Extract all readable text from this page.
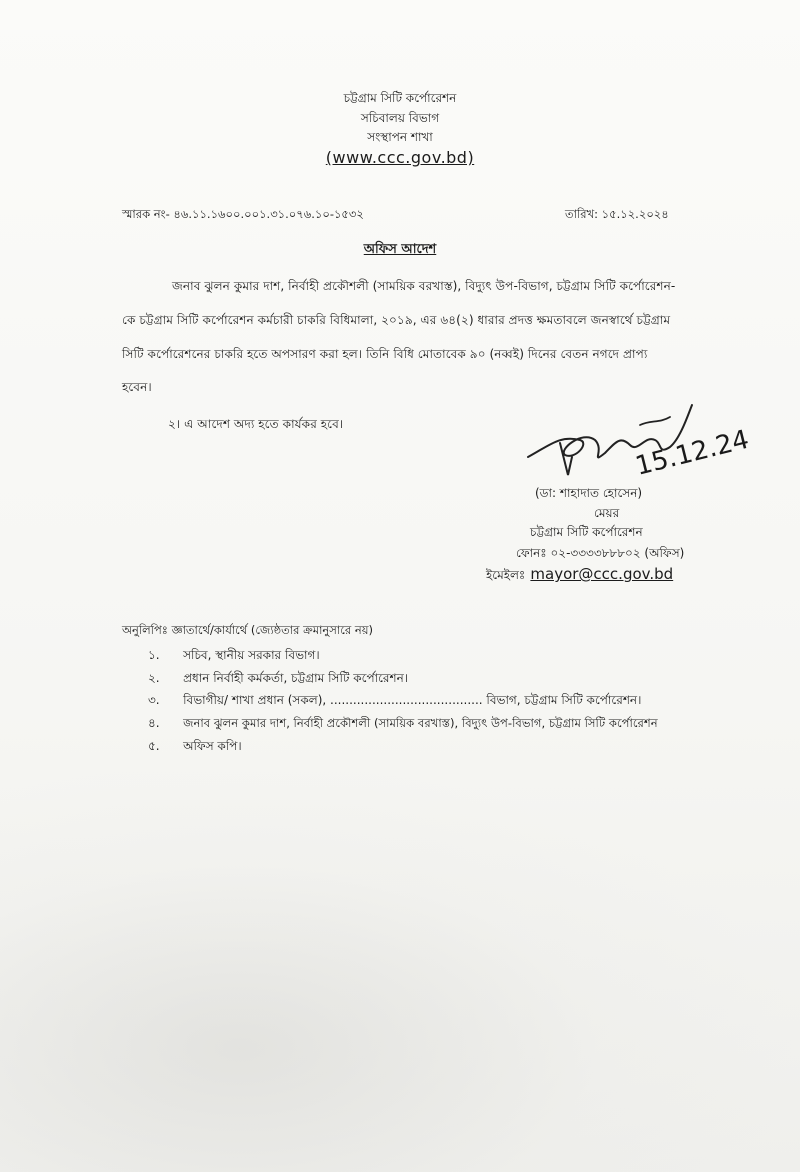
চট্টগ্রাম সিটি কর্পোরেশন
সচিবালয় বিভাগ
সংস্থাপন শাখা
(www.ccc.gov.bd)
স্মারক নং- ৪৬.১১.১৬০০.০০১.৩১.০৭৬.১০-১৫৩২	তারিখ: ১৫.১২.২০২৪
অফিস আদেশ
জনাব ঝুলন কুমার দাশ, নির্বাহী প্রকৌশলী (সাময়িক বরখাস্ত), বিদ্যুৎ উপ-বিভাগ, চট্টগ্রাম সিটি কর্পোরেশন-
কে চট্টগ্রাম সিটি কর্পোরেশন কর্মচারী চাকরি বিধিমালা, ২০১৯, এর ৬৪(২) ধারার প্রদত্ত ক্ষমতাবলে জনস্বার্থে চট্টগ্রাম
সিটি কর্পোরেশনের চাকরি হতে অপসারণ করা হল। তিনি বিধি মোতাবেক ৯০ (নব্বই) দিনের বেতন নগদে প্রাপ্য
হবেন।
২। এ আদেশ অদ্য হতে কার্যকর হবে।
15.12.24
(ডা: শাহাদাত হোসেন)
মেয়র
চট্টগ্রাম সিটি কর্পোরেশন
ফোনঃ ০২-৩৩৩৩৮৮৮০২ (অফিস)
ইমেইলঃ mayor@ccc.gov.bd
অনুলিপিঃ জ্ঞাতার্থে/কার্যার্থে (জ্যেষ্ঠতার ক্রমানুসারে নয়)
১. সচিব, স্থানীয় সরকার বিভাগ।
২. প্রধান নির্বাহী কর্মকর্তা, চট্টগ্রাম সিটি কর্পোরেশন।
৩. বিভাগীয়/ শাখা প্রধান (সকল), ........................................ বিভাগ, চট্টগ্রাম সিটি কর্পোরেশন।
৪. জনাব ঝুলন কুমার দাশ, নির্বাহী প্রকৌশলী (সাময়িক বরখাস্ত), বিদ্যুৎ উপ-বিভাগ, চট্টগ্রাম সিটি কর্পোরেশন
৫. অফিস কপি।
